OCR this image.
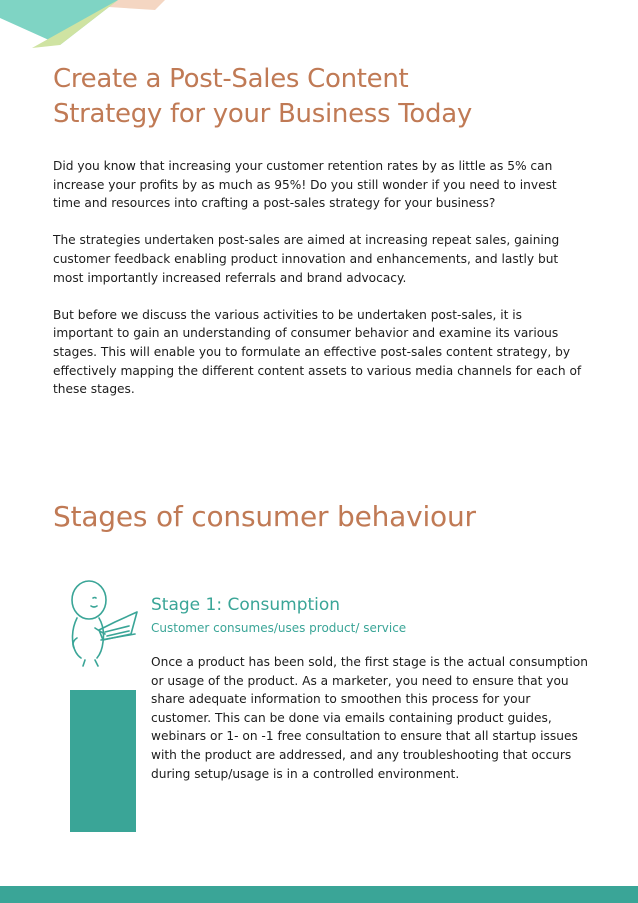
Create a Post-Sales Content
Strategy for your Business Today

Did you know that increasing your customer retention rates by as little as 5% can increase your profits by as much as 95%! Do you still wonder if you need to invest time and resources into crafting a post-sales strategy for your business?

The strategies undertaken post-sales are aimed at increasing repeat sales, gaining customer feedback enabling product innovation and enhancements, and lastly but most importantly increased referrals and brand advocacy.

But before we discuss the various activities to be undertaken post-sales, it is important to gain an understanding of consumer behavior and examine its various stages. This will enable you to formulate an effective post-sales content strategy, by effectively mapping the different content assets to various media channels for each of these stages.

Stages of consumer behaviour
Stage 1: Consumption

Customer consumes/uses product/ service

Once a product has been sold, the first stage is the actual consumption or usage of the product. As a marketer, you need to ensure that you share adequate information to smoothen this process for your customer. This can be done via emails containing product guides, webinars or 1- on -1 free consultation to ensure that all startup issues with the product are addressed, and any troubleshooting that occurs during setup/usage is in a controlled environment.
